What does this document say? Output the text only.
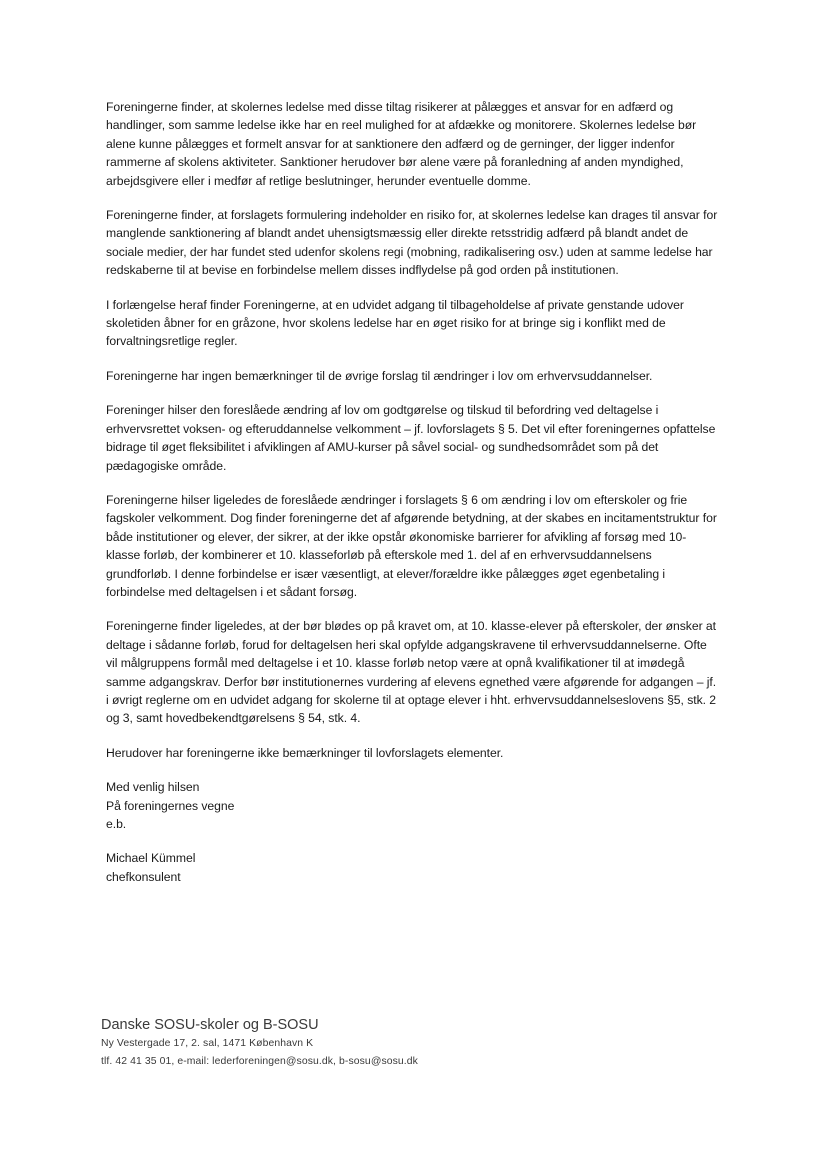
Foreningerne finder, at skolernes ledelse med disse tiltag risikerer at pålægges et ansvar for en adfærd og handlinger, som samme ledelse ikke har en reel mulighed for at afdække og monitorere. Skolernes ledelse bør alene kunne pålægges et formelt ansvar for at sanktionere den adfærd og de gerninger, der ligger indenfor rammerne af skolens aktiviteter. Sanktioner herudover bør alene være på foranledning af anden myndighed, arbejdsgivere eller i medfør af retlige beslutninger, herunder eventuelle domme.

Foreningerne finder, at forslagets formulering indeholder en risiko for, at skolernes ledelse kan drages til ansvar for manglende sanktionering af blandt andet uhensigtsmæssig eller direkte retsstridig adfærd på blandt andet de sociale medier, der har fundet sted udenfor skolens regi (mobning, radikalisering osv.) uden at samme ledelse har redskaberne til at bevise en forbindelse mellem disses indflydelse på god orden på institutionen.

I forlængelse heraf finder Foreningerne, at en udvidet adgang til tilbageholdelse af private genstande udover skoletiden åbner for en gråzone, hvor skolens ledelse har en øget risiko for at bringe sig i konflikt med de forvaltningsretlige regler.

Foreningerne har ingen bemærkninger til de øvrige forslag til ændringer i lov om erhvervsuddannelser.

Foreninger hilser den foreslåede ændring af lov om godtgørelse og tilskud til befordring ved deltagelse i erhvervsrettet voksen- og efteruddannelse velkomment – jf. lovforslagets § 5. Det vil efter foreningernes opfattelse bidrage til øget fleksibilitet i afviklingen af AMU-kurser på såvel social- og sundhedsområdet som på det pædagogiske område.

Foreningerne hilser ligeledes de foreslåede ændringer i forslagets § 6 om ændring i lov om efterskoler og frie fagskoler velkomment. Dog finder foreningerne det af afgørende betydning, at der skabes en incitamentstruktur for både institutioner og elever, der sikrer, at der ikke opstår økonomiske barrierer for afvikling af forsøg med 10-klasse forløb, der kombinerer et 10. klasseforløb på efterskole med 1. del af en erhvervsuddannelsens grundforløb. I denne forbindelse er især væsentligt, at elever/forældre ikke pålægges øget egenbetaling i forbindelse med deltagelsen i et sådant forsøg.

Foreningerne finder ligeledes, at der bør blødes op på kravet om, at 10. klasse-elever på efterskoler, der ønsker at deltage i sådanne forløb, forud for deltagelsen heri skal opfylde adgangskravene til erhvervsuddannelserne. Ofte vil målgruppens formål med deltagelse i et 10. klasse forløb netop være at opnå kvalifikationer til at imødegå samme adgangskrav. Derfor bør institutionernes vurdering af elevens egnethed være afgørende for adgangen – jf. i øvrigt reglerne om en udvidet adgang for skolerne til at optage elever i hht. erhvervsuddannelseslovens §5, stk. 2 og 3, samt hovedbekendtgørelsens § 54, stk. 4.

Herudover har foreningerne ikke bemærkninger til lovforslagets elementer.

Med venlig hilsen
På foreningernes vegne
e.b.
Michael Kümmel
chefkonsulent
Danske SOSU-skoler og B-SOSU
Ny Vestergade 17, 2. sal, 1471 København K
tlf. 42 41 35 01, e-mail: lederforeningen@sosu.dk, b-sosu@sosu.dk
